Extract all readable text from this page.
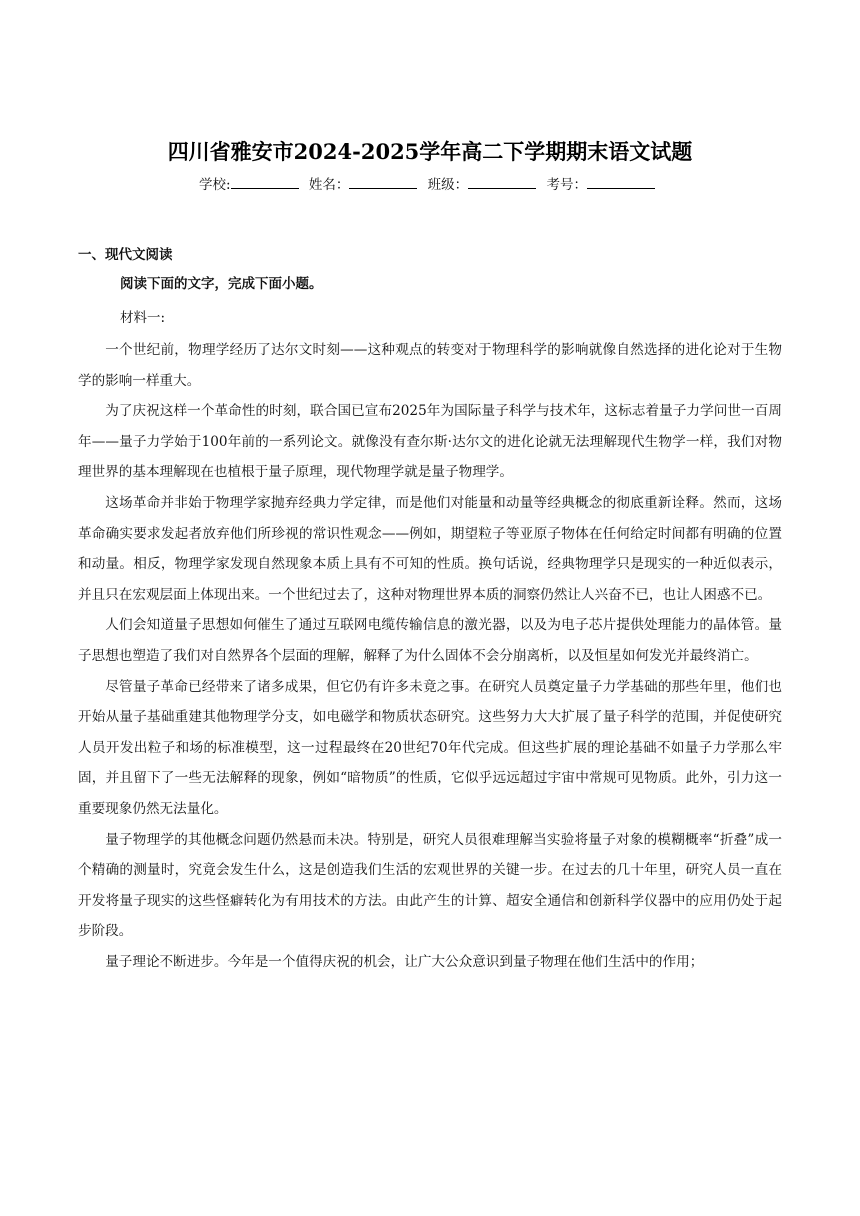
四川省雅安市2024-2025学年高二下学期期末语文试题
学校:	姓名：	班级：	考号：
一、现代文阅读
阅读下面的文字，完成下面小题。
材料一:

一个世纪前，物理学经历了达尔文时刻——这种观点的转变对于物理科学的影响就像自然选择的进化论对于生物学的影响一样重大。

为了庆祝这样一个革命性的时刻，联合国已宣布2025年为国际量子科学与技术年，这标志着量子力学问世一百周年——量子力学始于100年前的一系列论文。就像没有查尔斯·达尔文的进化论就无法理解现代生物学一样，我们对物理世界的基本理解现在也植根于量子原理，现代物理学就是量子物理学。

这场革命并非始于物理学家抛弃经典力学定律，而是他们对能量和动量等经典概念的彻底重新诠释。然而，这场革命确实要求发起者放弃他们所珍视的常识性观念——例如，期望粒子等亚原子物体在任何给定时间都有明确的位置和动量。相反，物理学家发现自然现象本质上具有不可知的性质。换句话说，经典物理学只是现实的一种近似表示，并且只在宏观层面上体现出来。一个世纪过去了，这种对物理世界本质的洞察仍然让人兴奋不已，也让人困惑不已。

人们会知道量子思想如何催生了通过互联网电缆传输信息的激光器，以及为电子芯片提供处理能力的晶体管。量子思想也塑造了我们对自然界各个层面的理解，解释了为什么固体不会分崩离析，以及恒星如何发光并最终消亡。

尽管量子革命已经带来了诸多成果，但它仍有许多未竟之事。在研究人员奠定量子力学基础的那些年里，他们也开始从量子基础重建其他物理学分支，如电磁学和物质状态研究。这些努力大大扩展了量子科学的范围，并促使研究人员开发出粒子和场的标准模型，这一过程最终在20世纪70年代完成。但这些扩展的理论基础不如量子力学那么牢固，并且留下了一些无法解释的现象，例如“暗物质”的性质，它似乎远远超过宇宙中常规可见物质。此外，引力这一重要现象仍然无法量化。

量子物理学的其他概念问题仍然悬而未决。特别是，研究人员很难理解当实验将量子对象的模糊概率“折叠”成一个精确的测量时，究竟会发生什么，这是创造我们生活的宏观世界的关键一步。在过去的几十年里，研究人员一直在开发将量子现实的这些怪癖转化为有用技术的方法。由此产生的计算、超安全通信和创新科学仪器中的应用仍处于起步阶段。

量子理论不断进步。今年是一个值得庆祝的机会，让广大公众意识到量子物理在他们生活中的作用；
